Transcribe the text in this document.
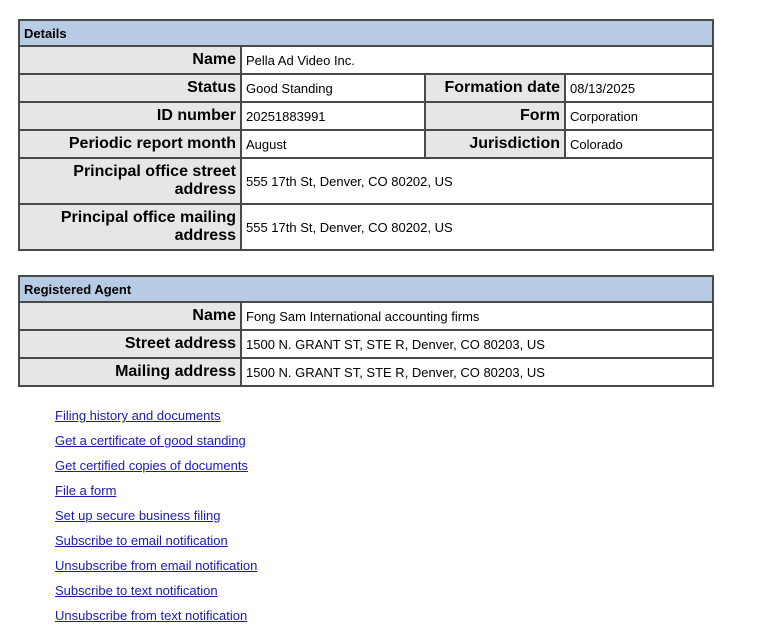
Details			
Name	Pella Ad Video Inc.		
Status	Good Standing	Formation date	08/13/2025
ID number	20251883991	Form	Corporation
Periodic report month	August	Jurisdiction	Colorado
Principal office street address	555 17th St, Denver, CO 80202, US		
Principal office mailing address	555 17th St, Denver, CO 80202, US		
Registered Agent	
Name	Fong Sam International accounting firms
Street address	1500 N. GRANT ST, STE R, Denver, CO 80203, US
Mailing address	1500 N. GRANT ST, STE R, Denver, CO 80203, US
Filing history and documents
Get a certificate of good standing
Get certified copies of documents
File a form
Set up secure business filing
Subscribe to email notification
Unsubscribe from email notification
Subscribe to text notification
Unsubscribe from text notification
